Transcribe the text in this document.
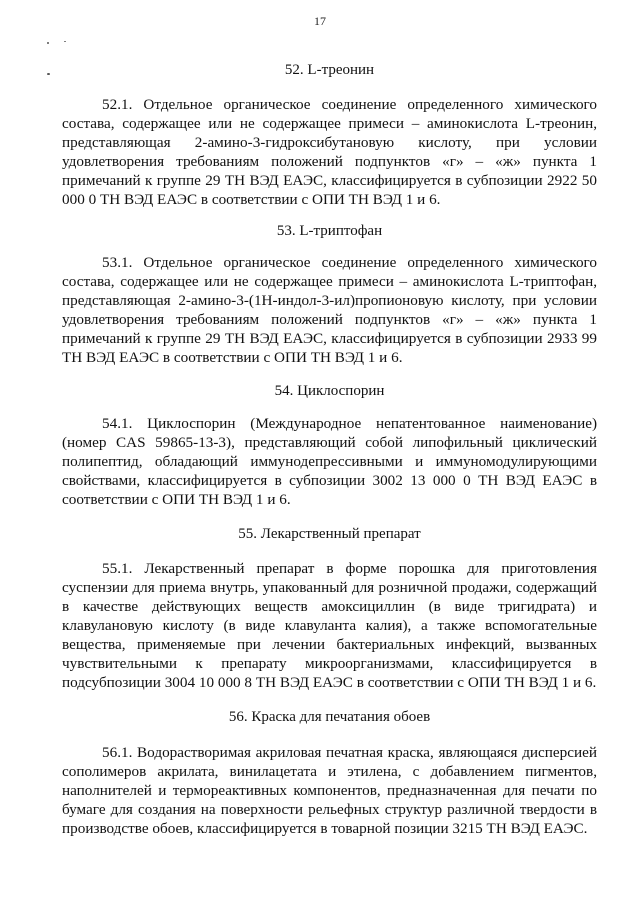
17

52. L-треонин

52.1. Отдельное органическое соединение определенного химического состава, содержащее или не содержащее примеси – аминокислота L-треонин, представляющая 2-амино-3-гидроксибутановую кислоту, при условии удовлетворения требованиям положений подпунктов «г» – «ж» пункта 1 примечаний к группе 29 ТН ВЭД ЕАЭС, классифицируется в субпозиции 2922 50 000 0 ТН ВЭД ЕАЭС в соответствии с ОПИ ТН ВЭД 1 и 6.

53. L-триптофан

53.1. Отдельное органическое соединение определенного химического состава, содержащее или не содержащее примеси – аминокислота L-триптофан, представляющая 2-амино-3-(1Н-индол-3-ил)пропионовую кислоту, при условии удовлетворения требованиям положений подпунктов «г» – «ж» пункта 1 примечаний к группе 29 ТН ВЭД ЕАЭС, классифицируется в субпозиции 2933 99 ТН ВЭД ЕАЭС в соответствии с ОПИ ТН ВЭД 1 и 6.

54. Циклоспорин

54.1. Циклоспорин (Международное непатентованное наименование) (номер CAS 59865-13-3), представляющий собой липофильный циклический полипептид, обладающий иммунодепрессивными и иммуномодулирующими свойствами, классифицируется в субпозиции 3002 13 000 0 ТН ВЭД ЕАЭС в соответствии с ОПИ ТН ВЭД 1 и 6.

55. Лекарственный препарат

55.1. Лекарственный препарат в форме порошка для приготовления суспензии для приема внутрь, упакованный для розничной продажи, содержащий в качестве действующих веществ амоксициллин (в виде тригидрата) и клавулановую кислоту (в виде клавуланта калия), а также вспомогательные вещества, применяемые при лечении бактериальных инфекций, вызванных чувствительными к препарату микроорганизмами, классифицируется в подсубпозиции 3004 10 000 8 ТН ВЭД ЕАЭС в соответствии с ОПИ ТН ВЭД 1 и 6.

56. Краска для печатания обоев

56.1. Водорастворимая акриловая печатная краска, являющаяся дисперсией сополимеров акрилата, винилацетата и этилена, с добавлением пигментов, наполнителей и термореактивных компонентов, предназначенная для печати по бумаге для создания на поверхности рельефных структур различной твердости в производстве обоев, классифицируется в товарной позиции 3215 ТН ВЭД ЕАЭС.
